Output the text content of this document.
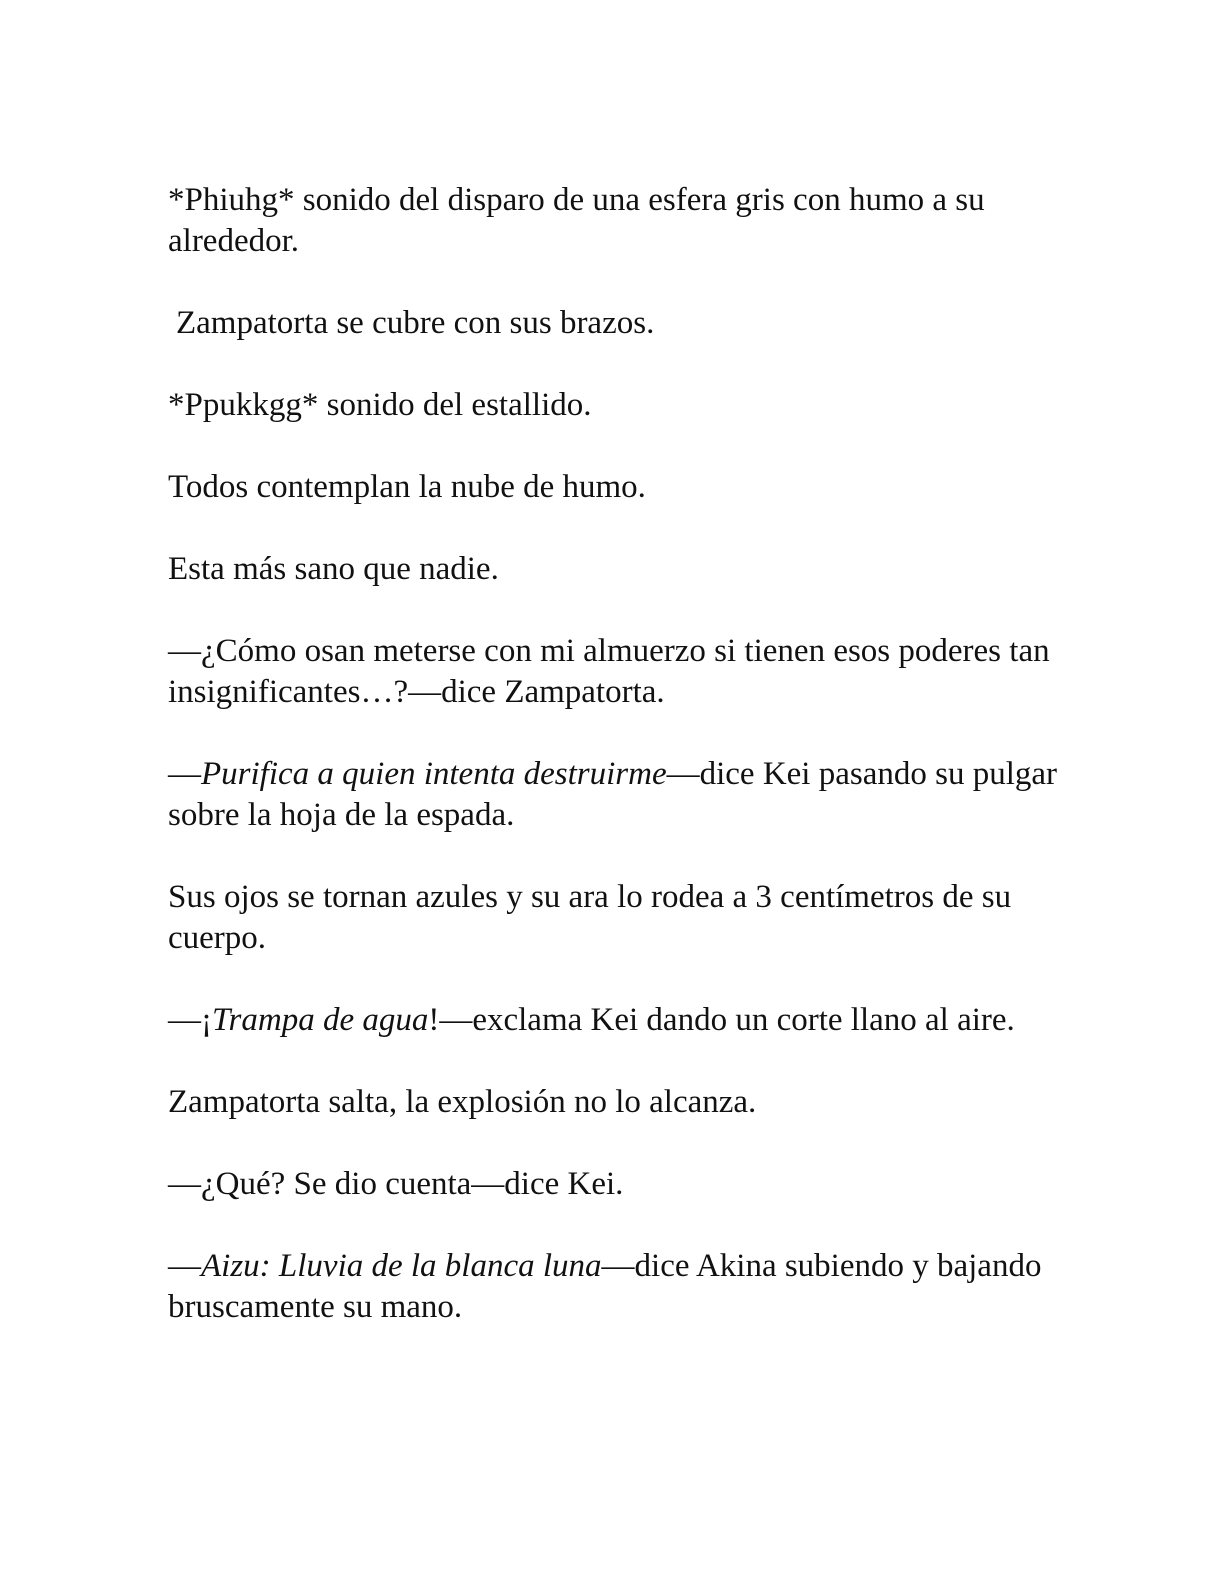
*Phiuhg* sonido del disparo de una esfera gris con humo a su alrededor.

Zampatorta se cubre con sus brazos.

*Ppukkgg* sonido del estallido.

Todos contemplan la nube de humo.

Esta más sano que nadie.

—¿Cómo osan meterse con mi almuerzo si tienen esos poderes tan insignificantes…?—dice Zampatorta.

—Purifica a quien intenta destruirme—dice Kei pasando su pulgar sobre la hoja de la espada.

Sus ojos se tornan azules y su ara lo rodea a 3 centímetros de su cuerpo.

—¡Trampa de agua!—exclama Kei dando un corte llano al aire.

Zampatorta salta, la explosión no lo alcanza.

—¿Qué? Se dio cuenta—dice Kei.

—Aizu: Lluvia de la blanca luna—dice Akina subiendo y bajando bruscamente su mano.
